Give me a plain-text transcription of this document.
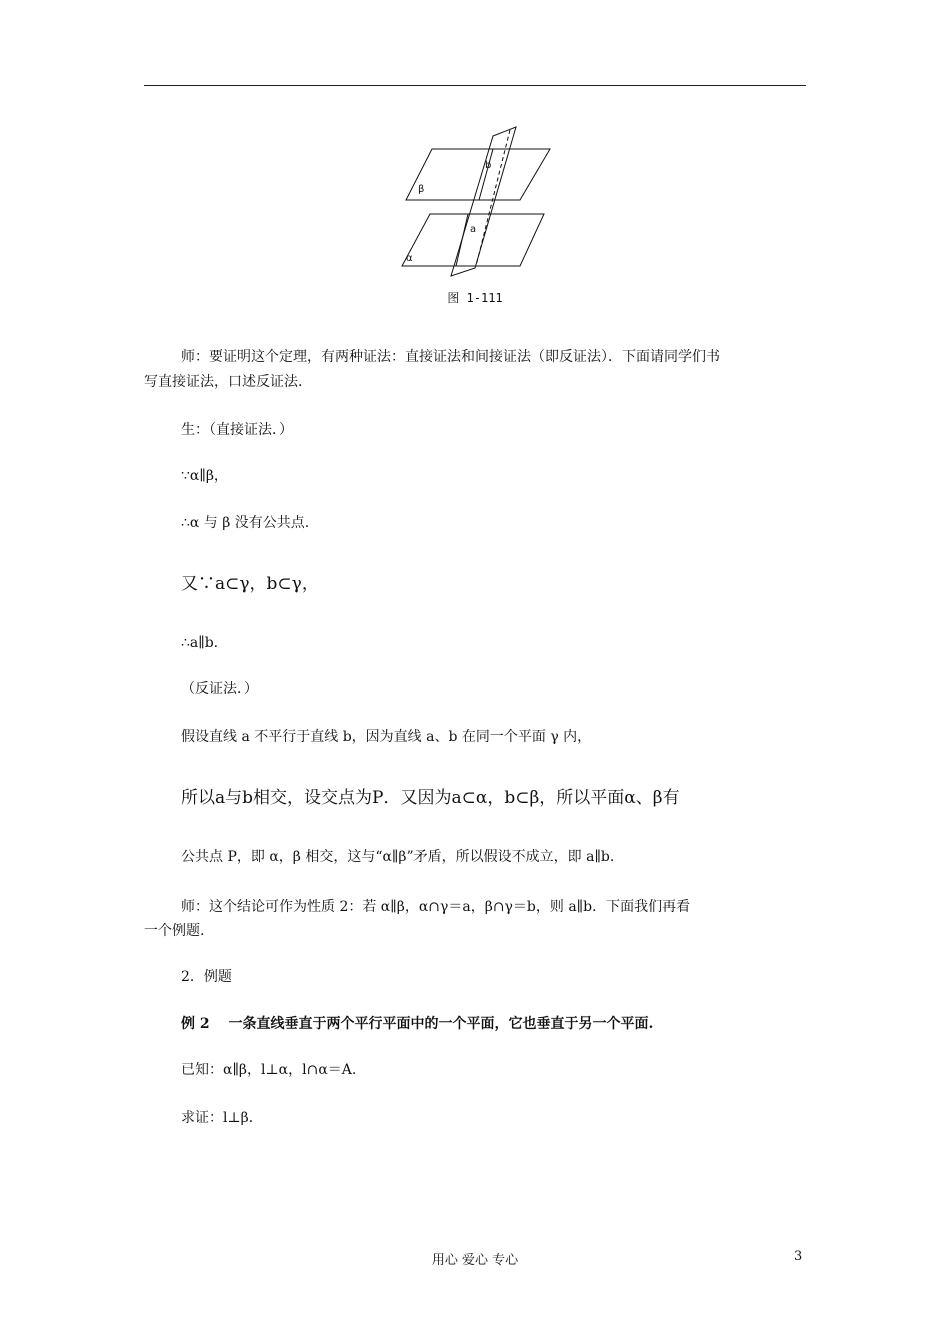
β
α
b
a
图 1-111
师：要证明这个定理，有两种证法：直接证法和间接证法（即反证法）．下面请同学们书
写直接证法，口述反证法.
生：（直接证法．）
∵α∥β，
∴α 与 β 没有公共点.
又∵a⊂γ，b⊂γ，
∴a∥b.
（反证法．）
假设直线 a 不平行于直线 b，因为直线 a、b 在同一个平面 γ 内，
所以a与b相交，设交点为P．又因为a⊂α，b⊂β，所以平面α、β有
公共点 P，即 α，β 相交，这与“α∥β”矛盾，所以假设不成立，即 a∥b.
师：这个结论可作为性质 2：若 α∥β，α∩γ＝a，β∩γ＝b，则 a∥b．下面我们再看
一个例题.
2．例题
例 2　 一条直线垂直于两个平行平面中的一个平面，它也垂直于另一个平面.
已知：α∥β，l⊥α，l∩α＝A.
求证：l⊥β．
用心 爱心 专心	3
